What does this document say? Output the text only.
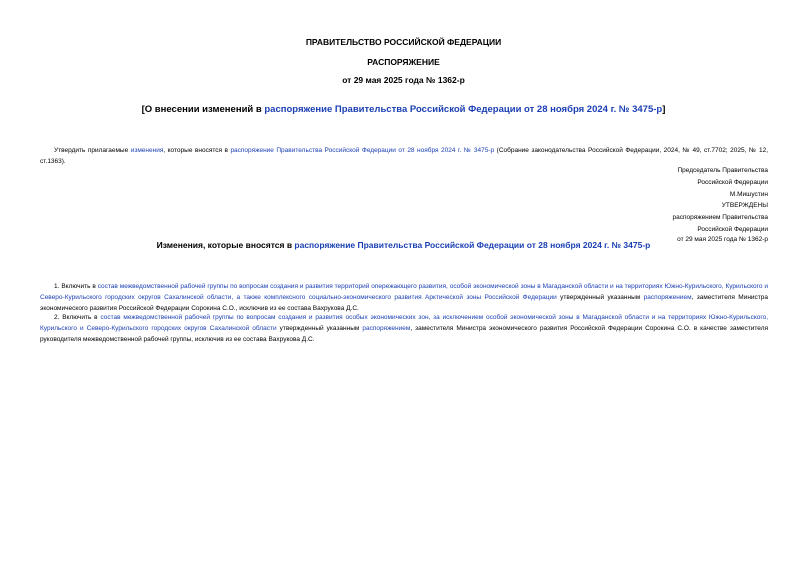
ПРАВИТЕЛЬСТВО РОССИЙСКОЙ ФЕДЕРАЦИИ
РАСПОРЯЖЕНИЕ
от 29 мая 2025 года № 1362-р
[О внесении изменений в распоряжение Правительства Российской Федерации от 28 ноября 2024 г. № 3475-р]
Утвердить прилагаемые изменения, которые вносятся в распоряжение Правительства Российской Федерации от 28 ноября 2024 г. № 3475-р (Собрание законодательства Российской Федерации, 2024, № 49, ст.7702; 2025, № 12, ст.1363).
Председатель Правительства
Российской Федерации
М.Мишустин
УТВЕРЖДЕНЫ
распоряжением Правительства
Российской Федерации
от 29 мая 2025 года № 1362-р
Изменения, которые вносятся в распоряжение Правительства Российской Федерации от 28 ноября 2024 г. № 3475-р
1. Включить в состав межведомственной рабочей группы по вопросам создания и развития территорий опережающего развития, особой экономической зоны в Магаданской области и на территориях Южно-Курильского, Курильского и Северо-Курильского городских округов Сахалинской области, а также комплексного социально-экономического развития Арктической зоны Российской Федерации утвержденный указанным распоряжением, заместителя Министра экономического развития Российской Федерации Сорокина С.О., исключив из ее состава Вахрукова Д.С.
2. Включить в состав межведомственной рабочей группы по вопросам создания и развития особых экономических зон, за исключением особой экономической зоны в Магаданской области и на территориях Южно-Курильского, Курильского и Северо-Курильского городских округов Сахалинской области утвержденный указанным распоряжением, заместителя Министра экономического развития Российской Федерации Сорокина С.О. в качестве заместителя руководителя межведомственной рабочей группы, исключив из ее состава Вахрукова Д.С.
